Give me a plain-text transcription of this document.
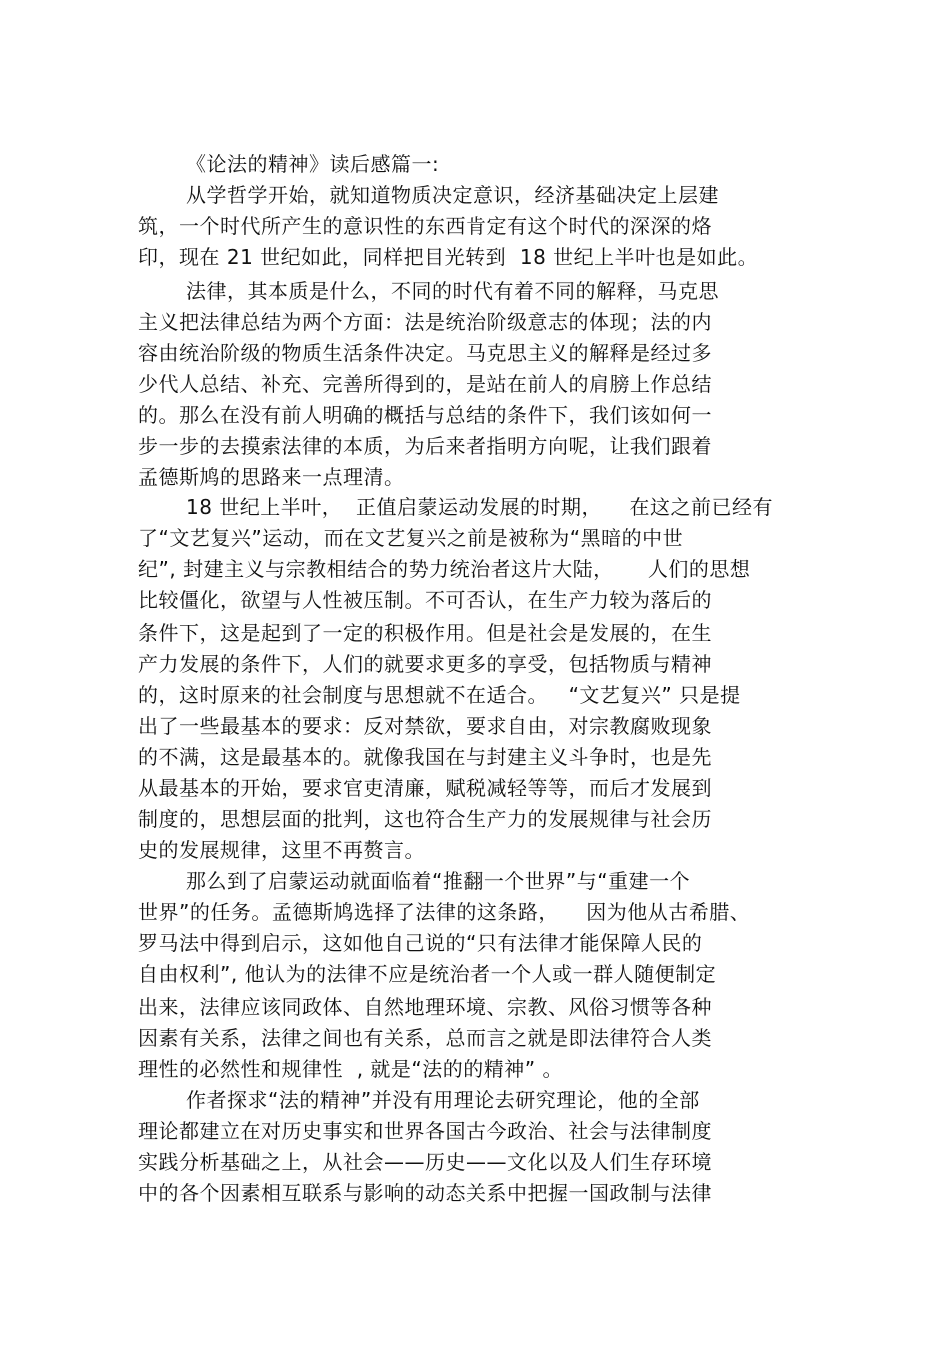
《论法的精神》读后感篇一:
从学哲学开始，就知道物质决定意识，经济基础决定上层建
筑，一个时代所产生的意识性的东西肯定有这个时代的深深的烙
印，现在 21 世纪如此，同样把目光转到  18 世纪上半叶也是如此。
法律，其本质是什么，不同的时代有着不同的解释，马克思
主义把法律总结为两个方面：法是统治阶级意志的体现；法的内
容由统治阶级的物质生活条件决定。马克思主义的解释是经过多
少代人总结、补充、完善所得到的，是站在前人的肩膀上作总结
的。那么在没有前人明确的概括与总结的条件下，我们该如何一
步一步的去摸索法律的本质，为后来者指明方向呢，让我们跟着
孟德斯鸠的思路来一点理清。
18 世纪上半叶，  正值启蒙运动发展的时期，    在这之前已经有
了“文艺复兴”运动，而在文艺复兴之前是被称为“黑暗的中世
纪”, 封建主义与宗教相结合的势力统治者这片大陆，     人们的思想
比较僵化，欲望与人性被压制。不可否认，在生产力较为落后的
条件下，这是起到了一定的积极作用。但是社会是发展的，在生
产力发展的条件下，人们的就要求更多的享受，包括物质与精神
的，这时原来的社会制度与思想就不在适合。   “文艺复兴” 只是提
出了一些最基本的要求：反对禁欲，要求自由，对宗教腐败现象
的不满，这是最基本的。就像我国在与封建主义斗争时，也是先
从最基本的开始，要求官吏清廉，赋税减轻等等，而后才发展到
制度的，思想层面的批判，这也符合生产力的发展规律与社会历
史的发展规律，这里不再赘言。
那么到了启蒙运动就面临着“推翻一个世界”与“重建一个
世界”的任务。孟德斯鸠选择了法律的这条路，    因为他从古希腊、
罗马法中得到启示，这如他自己说的“只有法律才能保障人民的
自由权利”, 他认为的法律不应是统治者一个人或一群人随便制定
出来，法律应该同政体、自然地理环境、宗教、风俗习惯等各种
因素有关系，法律之间也有关系，总而言之就是即法律符合人类
理性的必然性和规律性  , 就是“法的的精神” 。
作者探求“法的精神”并没有用理论去研究理论，他的全部
理论都建立在对历史事实和世界各国古今政治、社会与法律制度
实践分析基础之上，从社会——历史——文化以及人们生存环境
中的各个因素相互联系与影响的动态关系中把握一国政制与法律
